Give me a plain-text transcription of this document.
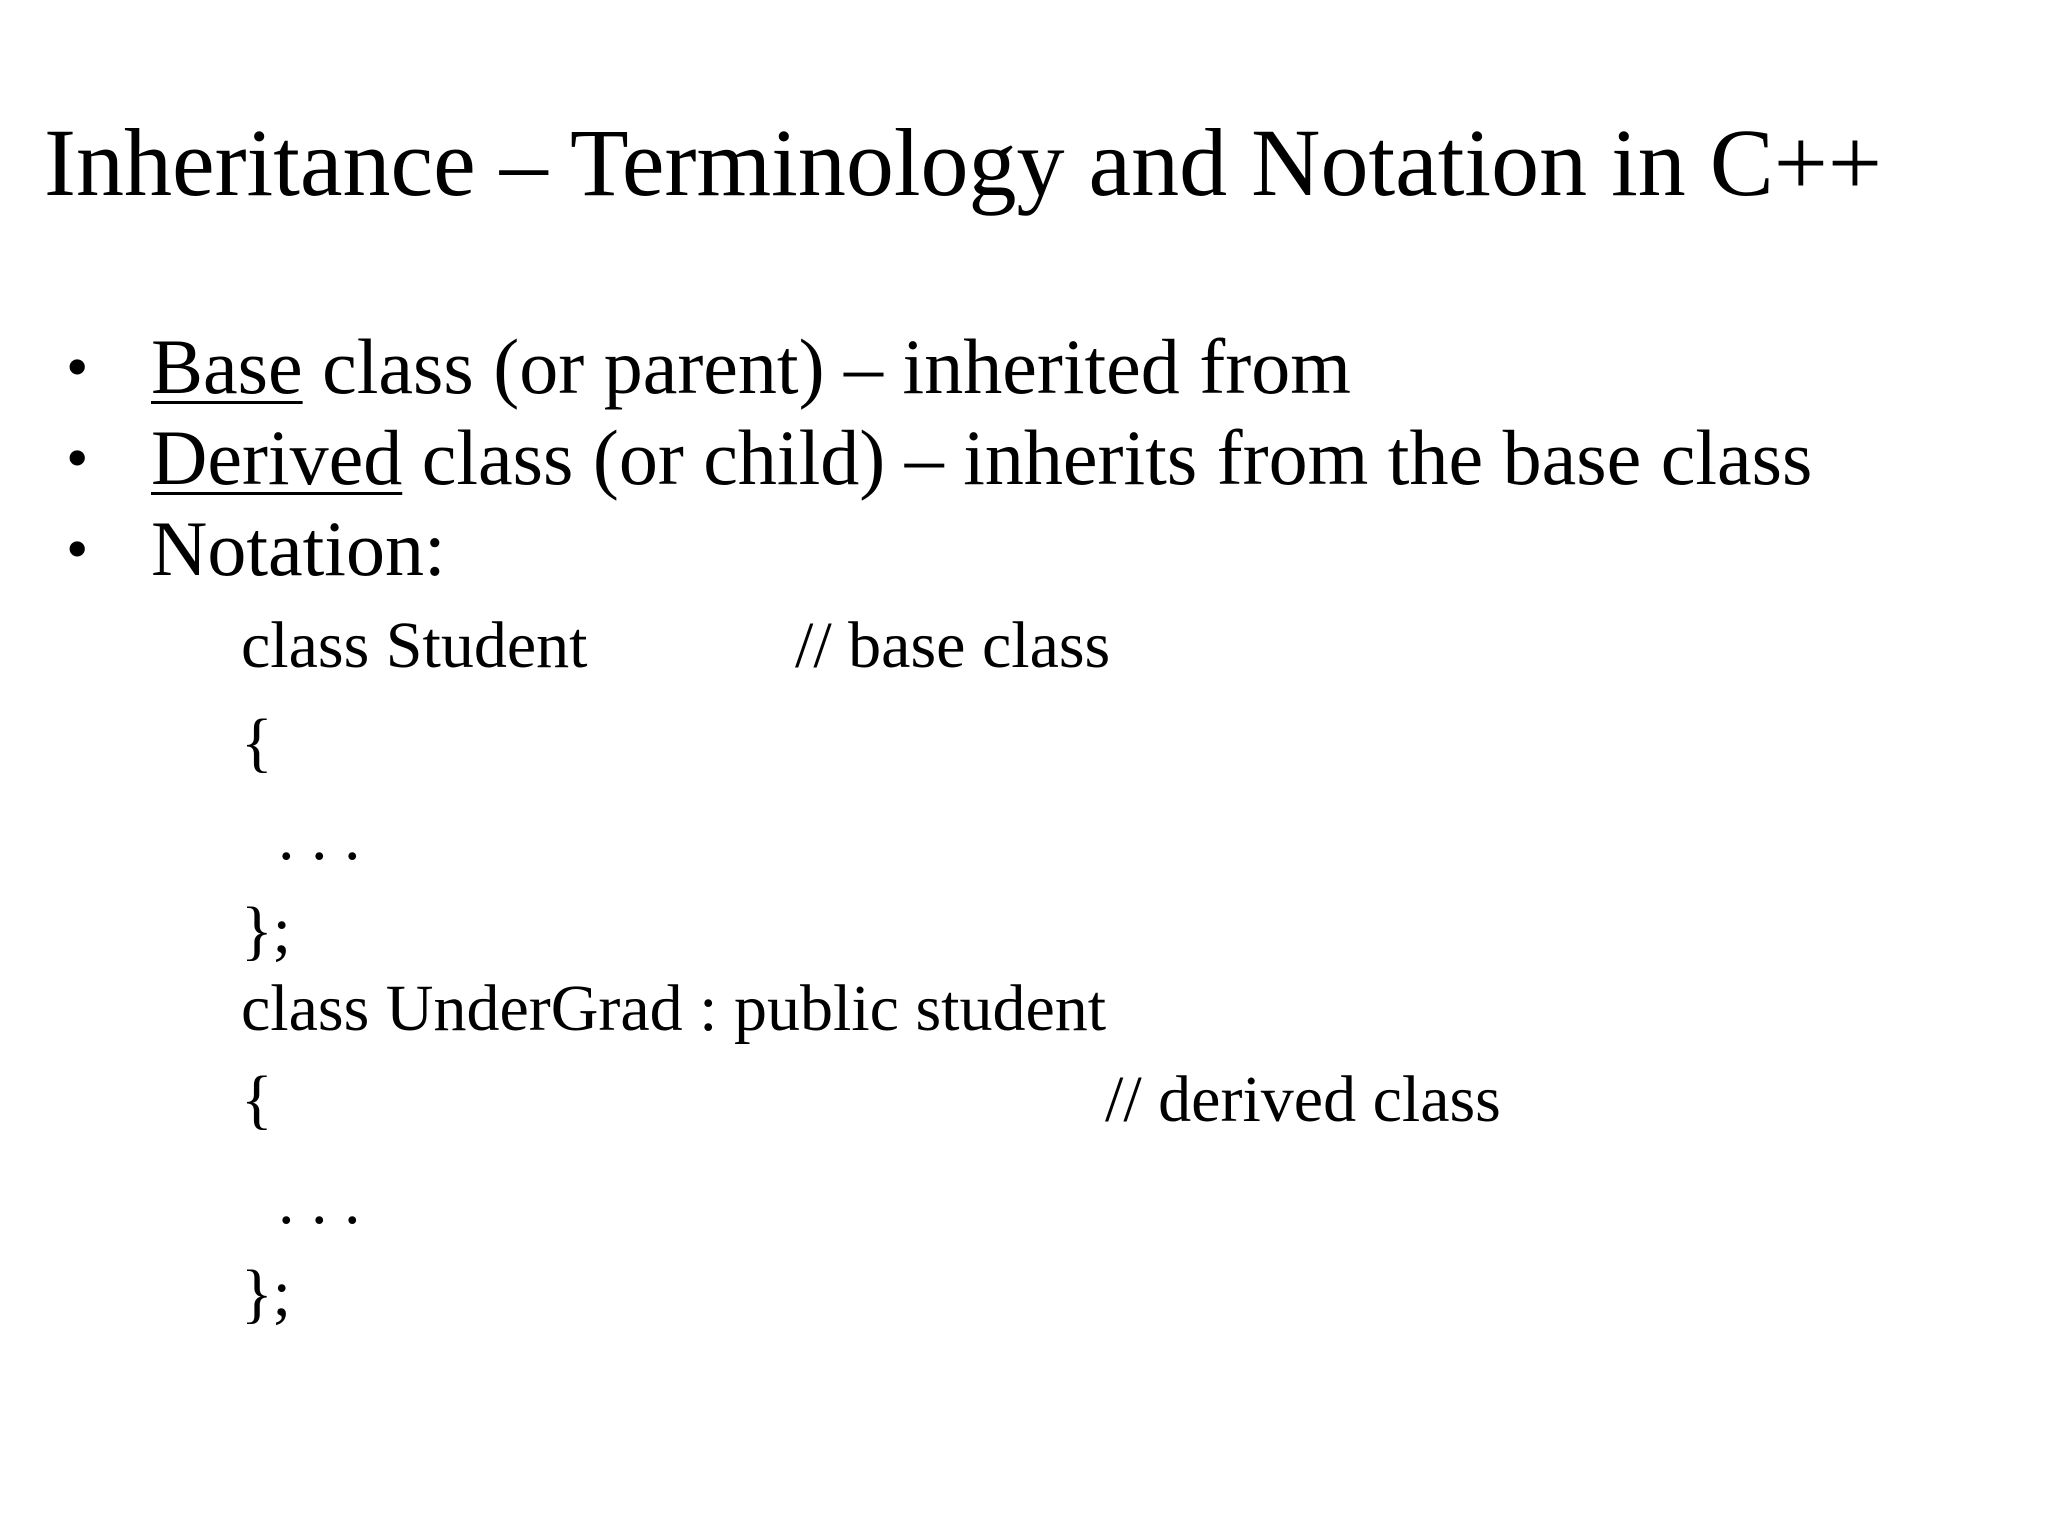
Inheritance – Terminology and Notation in C++
• Base class (or parent) – inherited from
• Derived class (or child) – inherits from the base class
• Notation:
class Student	// base class
{
. . .
};
class UnderGrad : public student
{	// derived class
. . .
};
